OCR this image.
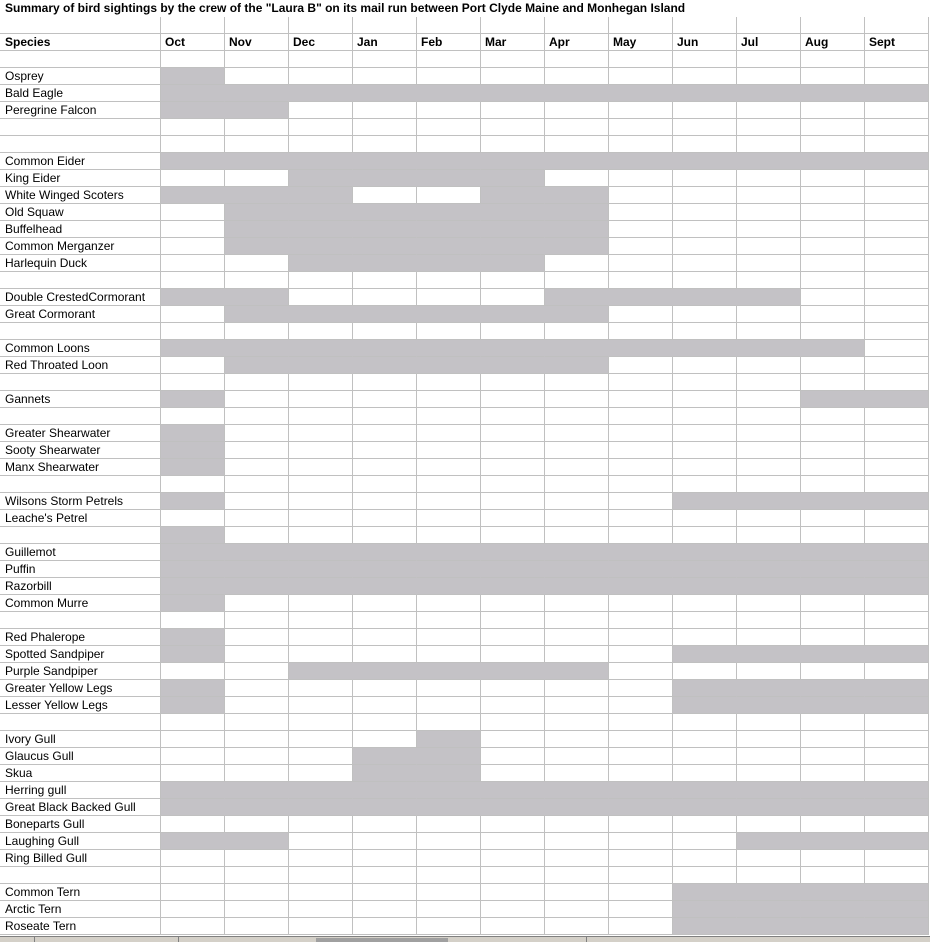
Summary of bird sightings by the crew of the "Laura B" on its mail run between Port Clyde Maine and Monhegan Island
Species	Oct	Nov	Dec	Jan	Feb	Mar	Apr	May	Jun	Jul	Aug	Sept
Osprey
Bald Eagle
Peregrine Falcon
Common Eider
King Eider
White Winged Scoters
Old Squaw
Buffelhead
Common Merganzer
Harlequin Duck
Double CrestedCormorant
Great Cormorant
Common Loons
Red Throated Loon
Gannets
Greater Shearwater
Sooty Shearwater
Manx Shearwater
Wilsons Storm Petrels
Leache's Petrel
Guillemot
Puffin
Razorbill
Common Murre
Red Phalerope
Spotted Sandpiper
Purple Sandpiper
Greater Yellow Legs
Lesser Yellow Legs
Ivory Gull
Glaucus Gull
Skua
Herring gull
Great Black Backed Gull
Boneparts Gull
Laughing Gull
Ring Billed Gull
Common Tern
Arctic Tern
Roseate Tern
